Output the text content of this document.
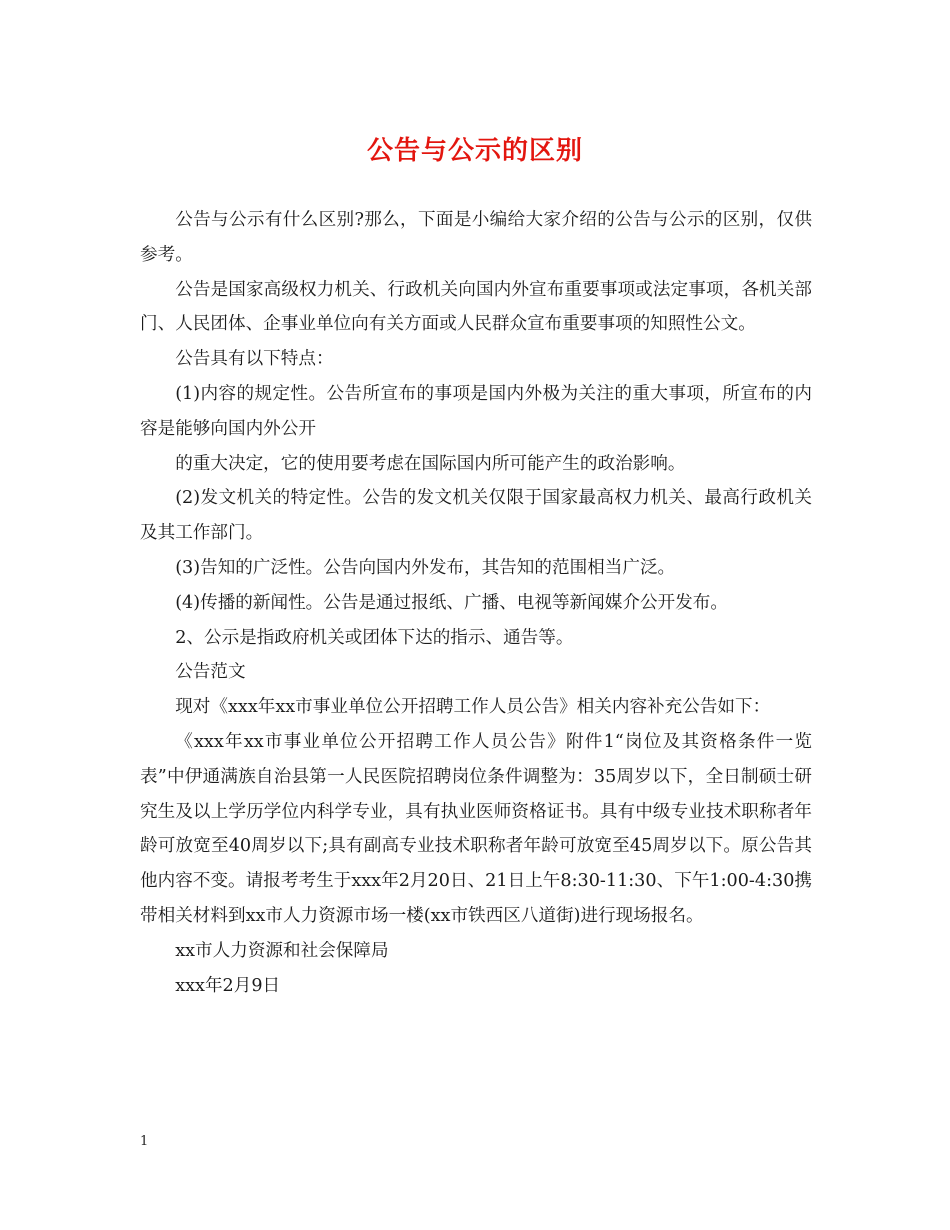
公告与公示的区别

公告与公示有什么区别?那么，下面是小编给大家介绍的公告与公示的区别，仅供参考。

公告是国家高级权力机关、行政机关向国内外宣布重要事项或法定事项，各机关部门、人民团体、企事业单位向有关方面或人民群众宣布重要事项的知照性公文。

公告具有以下特点：

(1)内容的规定性。公告所宣布的事项是国内外极为关注的重大事项，所宣布的内容是能够向国内外公开

的重大决定，它的使用要考虑在国际国内所可能产生的政治影响。

(2)发文机关的特定性。公告的发文机关仅限于国家最高权力机关、最高行政机关及其工作部门。

(3)告知的广泛性。公告向国内外发布，其告知的范围相当广泛。

(4)传播的新闻性。公告是通过报纸、广播、电视等新闻媒介公开发布。

2、公示是指政府机关或团体下达的指示、通告等。

公告范文

现对《xxx年xx市事业单位公开招聘工作人员公告》相关内容补充公告如下：

《xxx年xx市事业单位公开招聘工作人员公告》附件1“岗位及其资格条件一览表”中伊通满族自治县第一人民医院招聘岗位条件调整为：35周岁以下，全日制硕士研究生及以上学历学位内科学专业，具有执业医师资格证书。具有中级专业技术职称者年龄可放宽至40周岁以下;具有副高专业技术职称者年龄可放宽至45周岁以下。原公告其他内容不变。请报考考生于xxx年2月20日、21日上午8:30-11:30、下午1:00-4:30携带相关材料到xx市人力资源市场一楼(xx市铁西区八道街)进行现场报名。

xx市人力资源和社会保障局

xxx年2月9日

1
